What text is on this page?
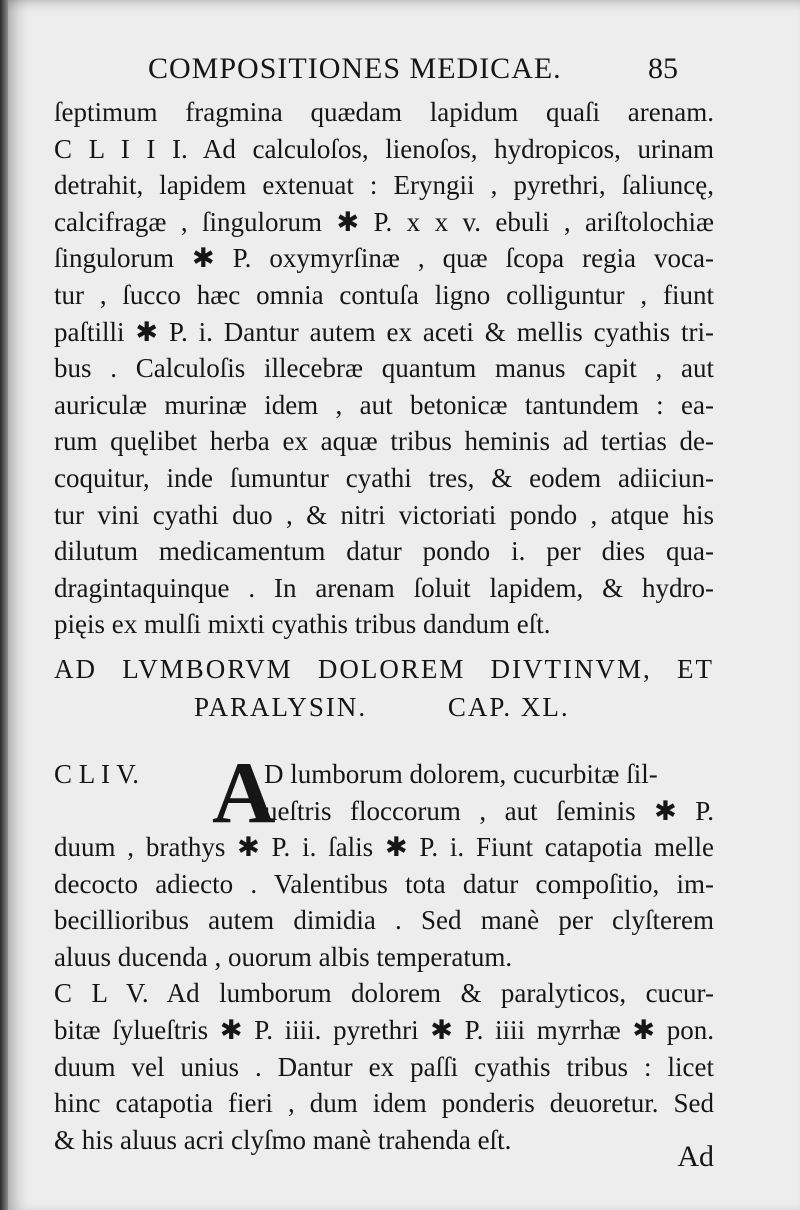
COMPOSITIONES MEDICAE.	85
ſeptimum fragmina quædam lapidum quaſi arenam.
C L I I I. Ad calculoſos, lienoſos, hydropicos, urinam
detrahit, lapidem extenuat : Eryngii , pyrethri, ſaliuncę,
calcifragæ , ſingulorum ✱ P. x x v. ebuli , ariſtolochiæ
ſingulorum ✱ P. oxymyrſinæ , quæ ſcopa regia voca-
tur , ſucco hæc omnia contuſa ligno colliguntur , fiunt
paſtilli ✱ P. i. Dantur autem ex aceti & mellis cyathis tri-
bus . Calculoſis illecebræ quantum manus capit , aut
auriculæ murinæ idem , aut betonicæ tantundem : ea-
rum quęlibet herba ex aquæ tribus heminis ad tertias de-
coquitur, inde ſumuntur cyathi tres, & eodem adiiciun-
tur vini cyathi duo , & nitri victoriati pondo , atque his
dilutum medicamentum datur pondo i. per dies qua-
dragintaquinque . In arenam ſoluit lapidem, & hydro-
pięis ex mulſi mixti cyathis tribus dandum eſt.
AD LVMBORVM DOLOREM DIVTINVM, ET
PARALYSIN.	CAP. XL.
C L I V.	D lumborum dolorem, cucurbitæ ſil-
A
ueſtris floccorum , aut ſeminis ✱ P.
duum , brathys ✱ P. i. ſalis ✱ P. i. Fiunt catapotia melle
decocto adiecto . Valentibus tota datur compoſitio, im-
becillioribus autem dimidia . Sed manè per clyſterem
aluus ducenda , ouorum albis temperatum.
C L V. Ad lumborum dolorem & paralyticos, cucur-
bitæ ſylueſtris ✱ P. iiii. pyrethri ✱ P. iiii myrrhæ ✱ pon.
duum vel unius . Dantur ex paſſi cyathis tribus : licet
hinc catapotia fieri , dum idem ponderis deuoretur. Sed
& his aluus acri clyſmo manè trahenda eſt.
Ad
